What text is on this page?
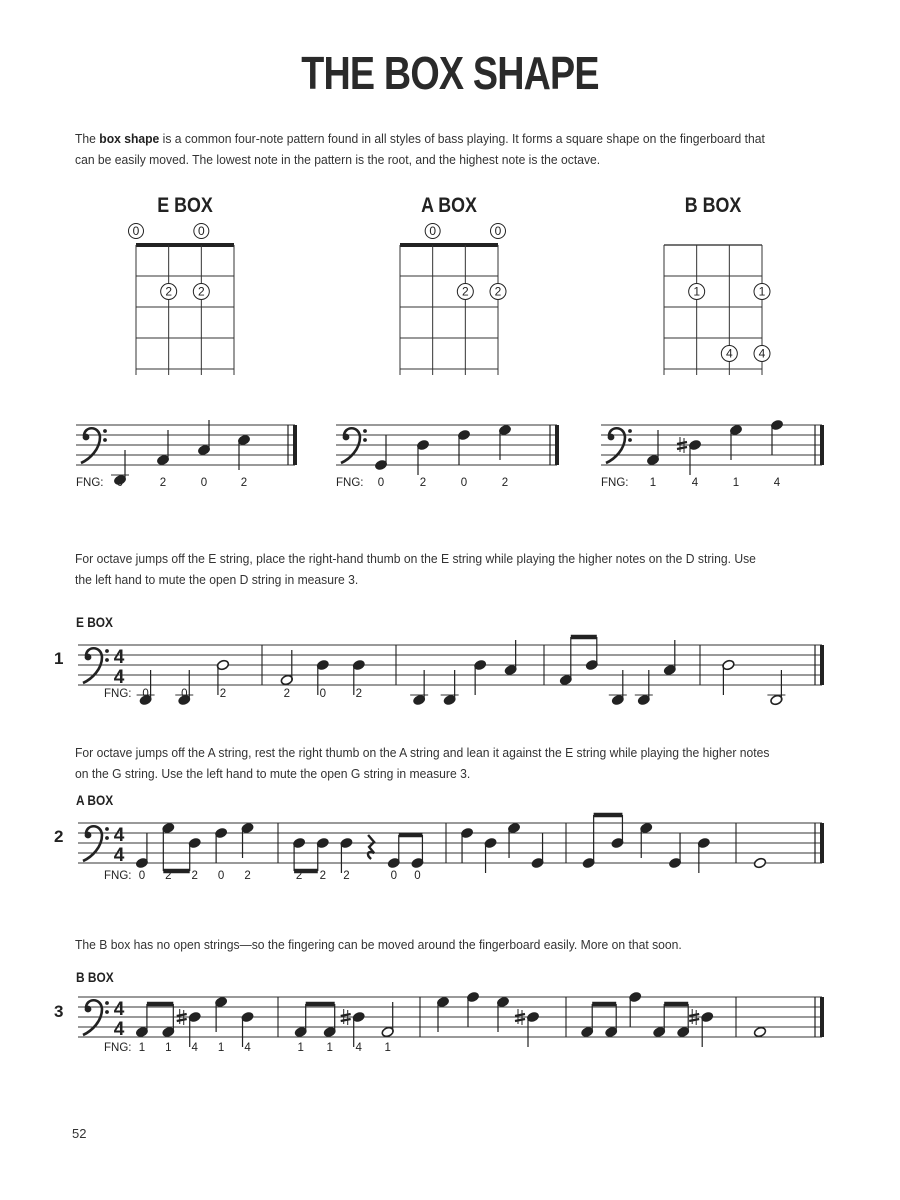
THE BOX SHAPE
The box shape is a common four-note pattern found in all styles of bass playing. It forms a square shape on the fingerboard that can be easily moved. The lowest note in the pattern is the root, and the highest note is the octave.
For octave jumps off the E string, place the right-hand thumb on the E string while playing the higher notes on the D string. Use the left hand to mute the open D string in measure 3.
For octave jumps off the A string, rest the right thumb on the A string and lean it against the E string while playing the higher notes on the G string. Use the left hand to mute the open G string in measure 3.
The B box has no open strings—so the fingering can be moved around the fingerboard easily. More on that soon.
52
E BOX
0	0
2 2
A BOX
0	0
2 2
B BOX
1	1
4 4
FNG: 0	2	0	2	FNG: 0	2	0	2	FNG: 1	4	1	4
E BOX
1	4
4
0	0	2	2	0	2
FNG:
A BOX
2	4
4
0 2 2 0 2	2 2 2	0 0
FNG:
B BOX
3	4
4
1 1 4 1 4	1 1 4 1
FNG:
